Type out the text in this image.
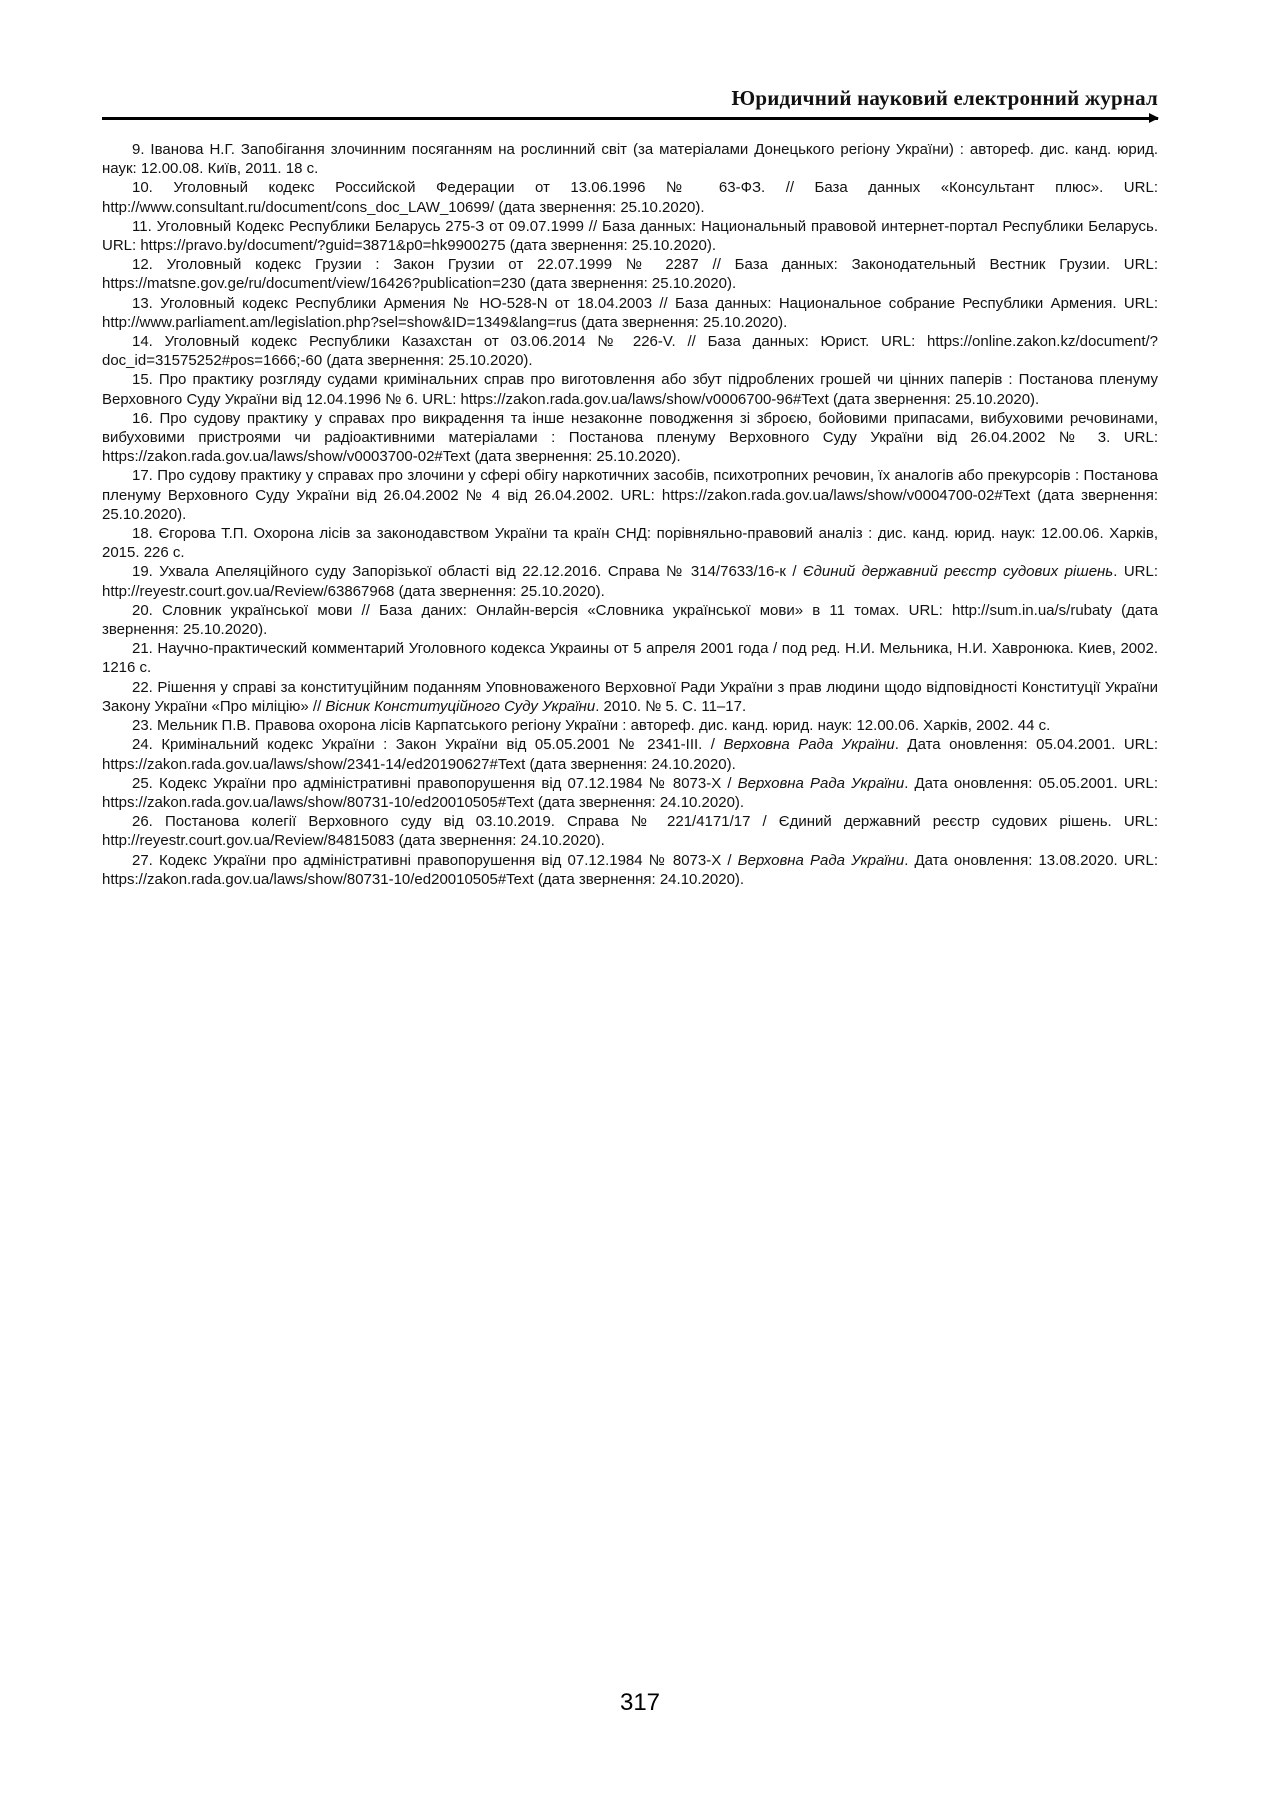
Юридичний науковий електронний журнал

9. Іванова Н.Г. Запобігання злочинним посяганням на рослинний світ (за матеріалами Донецького регіону України) : автореф. дис. канд. юрид. наук: 12.00.08. Київ, 2011. 18 с.

10. Уголовный кодекс Российской Федерации от 13.06.1996 № 63-ФЗ. // База данных «Консультант плюс». URL: http://www.consultant.ru/document/cons_doc_LAW_10699/ (дата звернення: 25.10.2020).

11. Уголовный Кодекс Республики Беларусь 275-З от 09.07.1999 // База данных: Национальный правовой интернет-портал Республики Беларусь. URL: https://pravo.by/document/?guid=3871&p0=hk9900275 (дата звернення: 25.10.2020).

12. Уголовный кодекс Грузии : Закон Грузии от 22.07.1999 № 2287 // База данных: Законодательный Вестник Грузии. URL: https://matsne.gov.ge/ru/document/view/16426?publication=230 (дата звернення: 25.10.2020).

13. Уголовный кодекс Республики Армения № НО-528-N от 18.04.2003 // База данных: Национальное собрание Республики Армения. URL: http://www.parliament.am/legislation.php?sel=show&ID=1349&lang=rus (дата звернення: 25.10.2020).

14. Уголовный кодекс Республики Казахстан от 03.06.2014 № 226-V. // База данных: Юрист. URL: https://online.zakon.kz/document/?doc_id=31575252#pos=1666;-60 (дата звернення: 25.10.2020).

15. Про практику розгляду судами кримінальних справ про виготовлення або збут підроблених грошей чи цінних паперів : Постанова пленуму Верховного Суду України від 12.04.1996 № 6. URL: https://zakon.rada.gov.ua/laws/show/v0006700-96#Text (дата звернення: 25.10.2020).

16. Про судову практику у справах про викрадення та інше незаконне поводження зі зброєю, бойовими припасами, вибуховими речовинами, вибуховими пристроями чи радіоактивними матеріалами : Постанова пленуму Верховного Суду України від 26.04.2002 № 3. URL: https://zakon.rada.gov.ua/laws/show/v0003700-02#Text (дата звернення: 25.10.2020).

17. Про судову практику у справах про злочини у сфері обігу наркотичних засобів, психотропних речовин, їх аналогів або прекурсорів : Постанова пленуму Верховного Суду України від 26.04.2002 № 4 від 26.04.2002. URL: https://zakon.rada.gov.ua/laws/show/v0004700-02#Text (дата звернення: 25.10.2020).

18. Єгорова Т.П. Охорона лісів за законодавством України та країн СНД: порівняльно-правовий аналіз : дис. канд. юрид. наук: 12.00.06. Харків, 2015. 226 с.

19. Ухвала Апеляційного суду Запорізької області від 22.12.2016. Справа № 314/7633/16-к / Єдиний державний реєстр судових рішень. URL: http://reyestr.court.gov.ua/Review/63867968 (дата звернення: 25.10.2020).

20. Словник української мови // База даних: Онлайн-версія «Словника української мови» в 11 томах. URL: http://sum.in.ua/s/rubaty (дата звернення: 25.10.2020).

21. Научно-практический комментарий Уголовного кодекса Украины от 5 апреля 2001 года / под ред. Н.И. Мельника, Н.И. Хавронюка. Киев, 2002. 1216 с.

22. Рішення у справі за конституційним поданням Уповноваженого Верховної Ради України з прав людини щодо відповідності Конституції України Закону України «Про міліцію» // Вісник Конституційного Суду України. 2010. № 5. С. 11–17.

23. Мельник П.В. Правова охорона лісів Карпатського регіону України : автореф. дис. канд. юрид. наук: 12.00.06. Харків, 2002. 44 с.

24. Кримінальний кодекс України : Закон України від 05.05.2001 № 2341-III. / Верховна Рада України. Дата оновлення: 05.04.2001. URL: https://zakon.rada.gov.ua/laws/show/2341-14/ed20190627#Text (дата звернення: 24.10.2020).

25. Кодекс України про адміністративні правопорушення від 07.12.1984 № 8073-X / Верховна Рада України. Дата оновлення: 05.05.2001. URL: https://zakon.rada.gov.ua/laws/show/80731-10/ed20010505#Text (дата звернення: 24.10.2020).

26. Постанова колегії Верховного суду від 03.10.2019. Справа № 221/4171/17 / Єдиний державний реєстр судових рішень. URL: http://reyestr.court.gov.ua/Review/84815083 (дата звернення: 24.10.2020).

27. Кодекс України про адміністративні правопорушення від 07.12.1984 № 8073-X / Верховна Рада України. Дата оновлення: 13.08.2020. URL: https://zakon.rada.gov.ua/laws/show/80731-10/ed20010505#Text (дата звернення: 24.10.2020).

317
